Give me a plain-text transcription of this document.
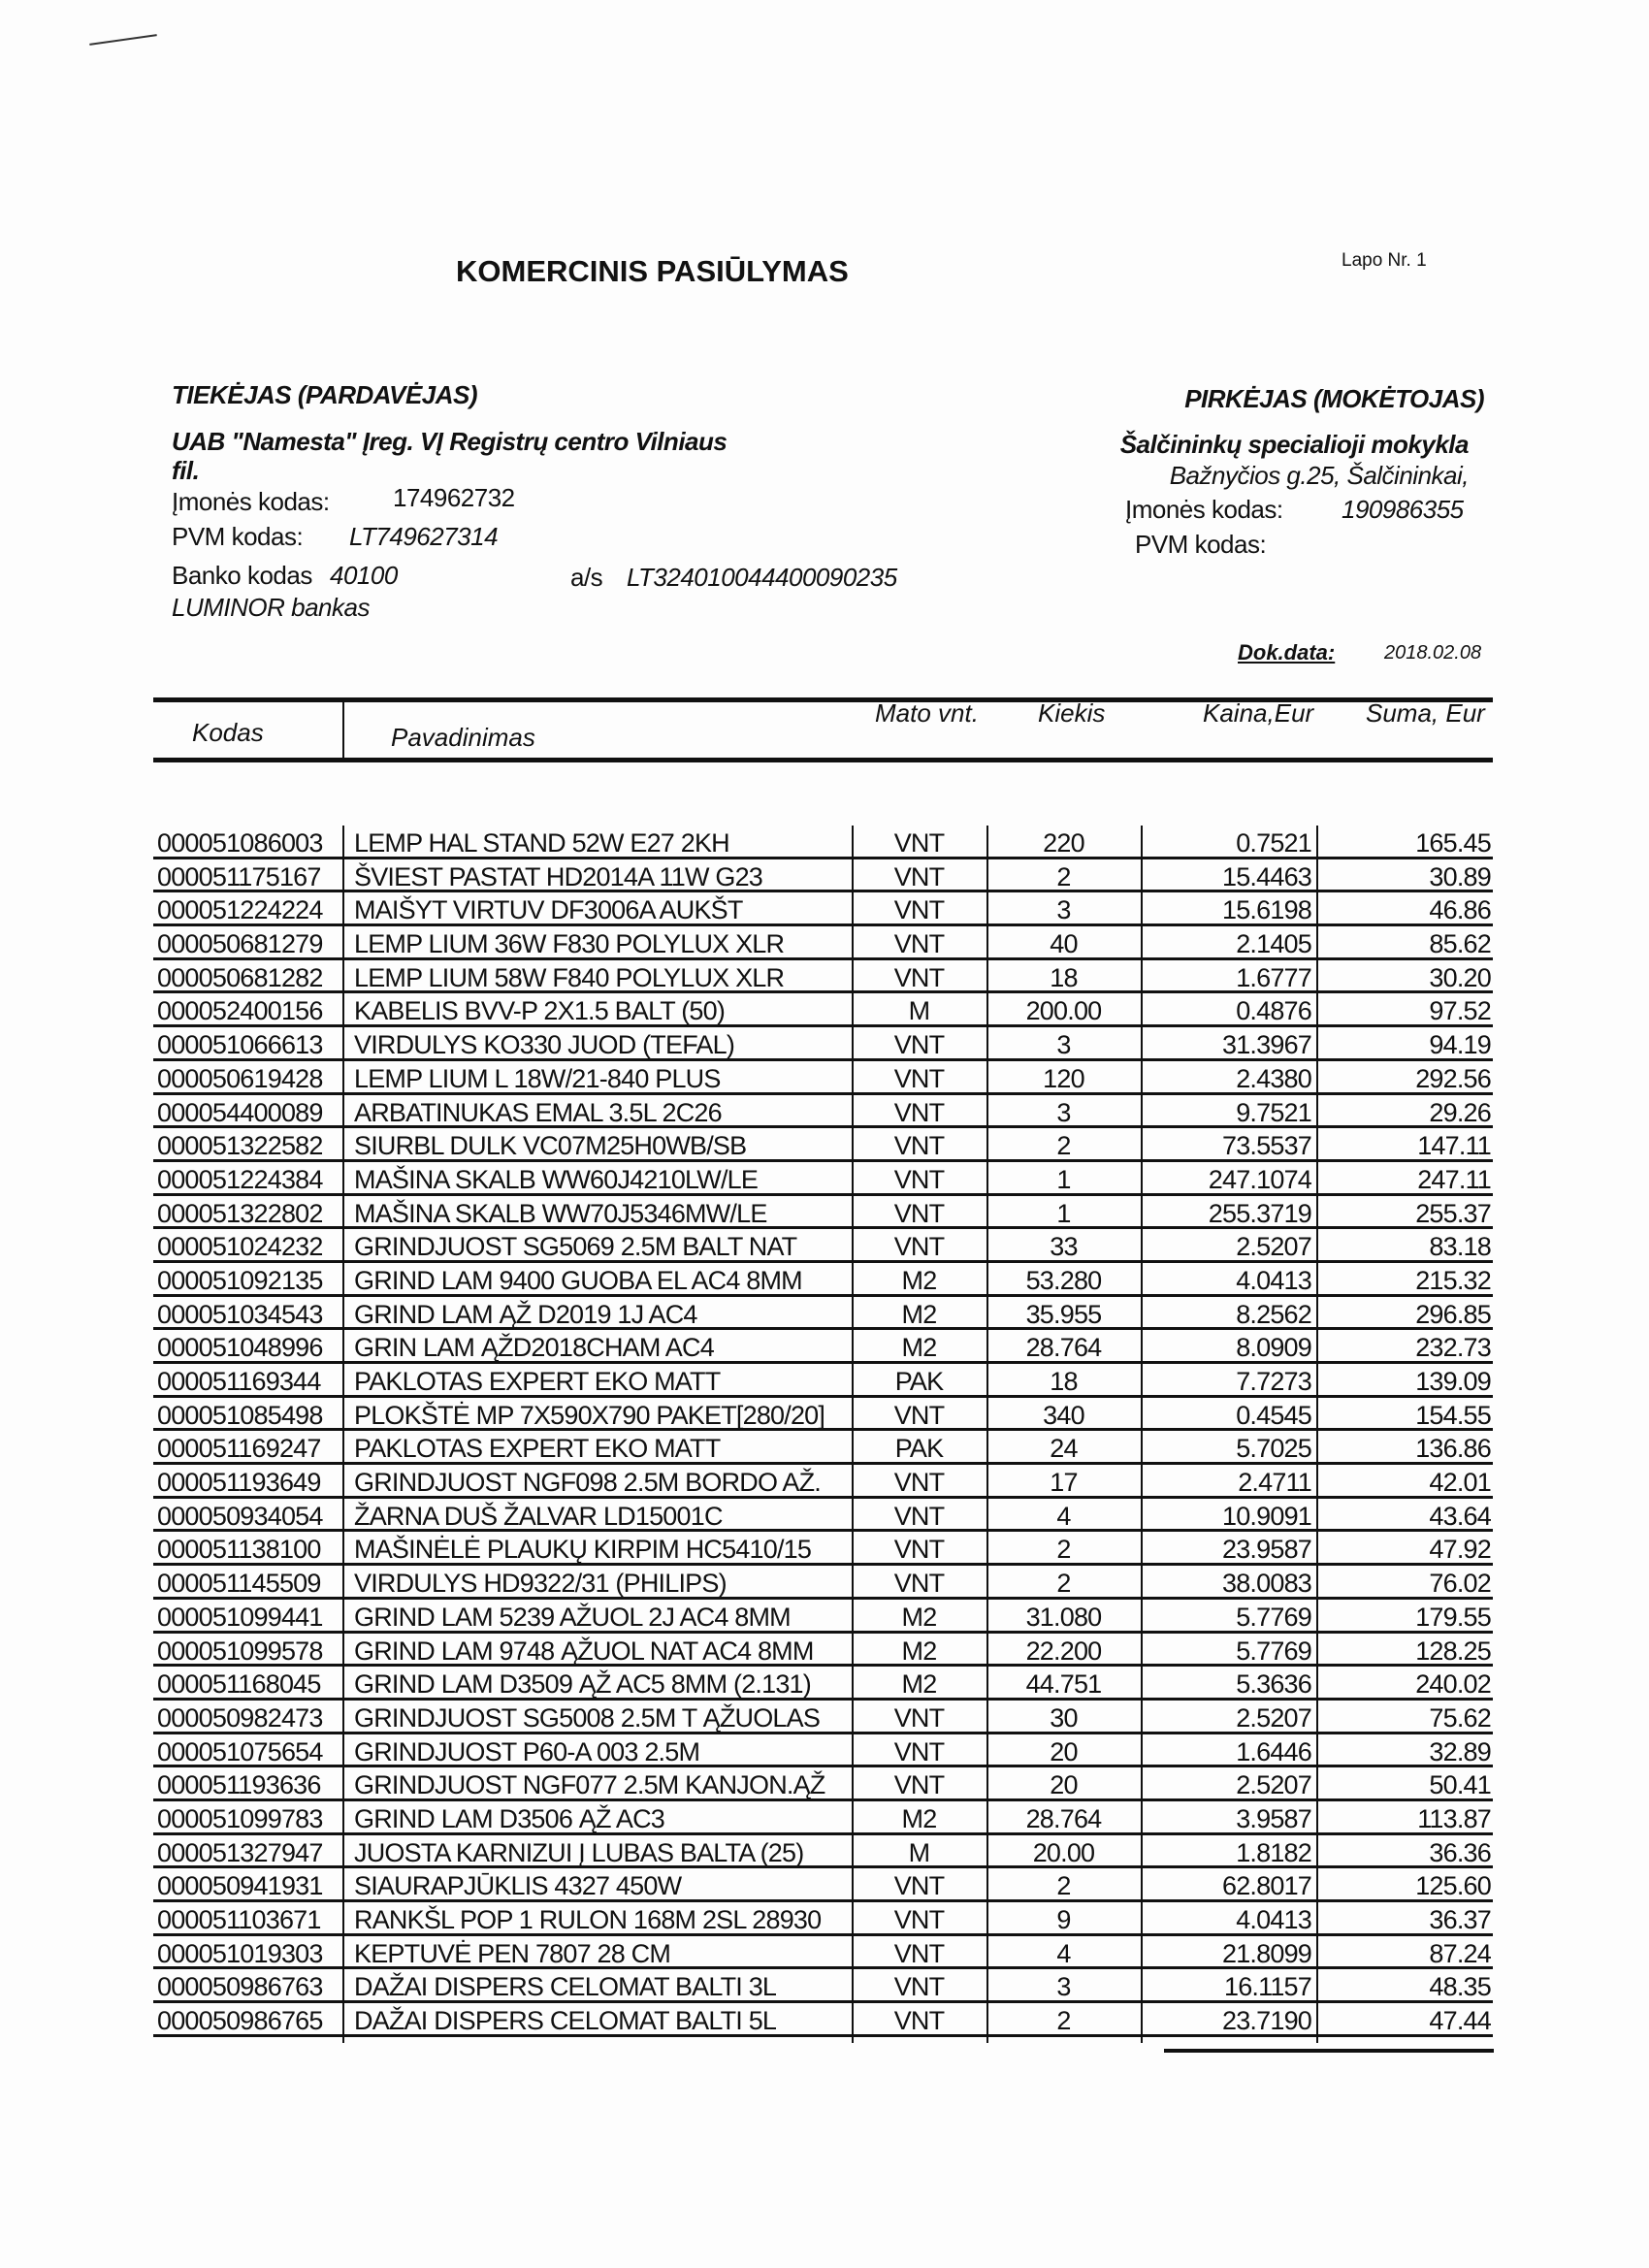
KOMERCINIS PASIŪLYMAS	Lapo Nr. 1
TIEKĖJAS (PARDAVĖJAS)
UAB "Namesta" Įreg. VĮ Registrų centro Vilniaus
fil.
Įmonės kodas:	174962732
PVM kodas: LT749627314
Banko kodas 40100	a/s LT324010044400090235
LUMINOR bankas
PIRKĖJAS (MOKĖTOJAS)
Šalčininkų specialioji mokykla
Bažnyčios g.25, Šalčininkai,
Įmonės kodas: 190986355
PVM kodas:
Dok.data:	2018.02.08
Kodas	Pavadinimas
Mato vnt. Kiekis	Kaina,Eur Suma, Eur
000051086003 LEMP HAL STAND 52W E27 2KH	VNT	220	0.7521	165.45
000051175167 ŠVIEST PASTAT HD2014A 11W G23	VNT	2	15.4463	30.89
000051224224 MAIŠYT VIRTUV DF3006A AUKŠT	VNT	3	15.6198	46.86
000050681279 LEMP LIUM 36W F830 POLYLUX XLR	VNT	40	2.1405	85.62
000050681282 LEMP LIUM 58W F840 POLYLUX XLR	VNT	18	1.6777	30.20
000052400156 KABELIS BVV-P 2X1.5 BALT (50)	M	200.00	0.4876	97.52
000051066613 VIRDULYS KO330 JUOD (TEFAL)	VNT	3	31.3967	94.19
000050619428 LEMP LIUM L 18W/21-840 PLUS	VNT	120	2.4380	292.56
000054400089 ARBATINUKAS EMAL 3.5L 2C26	VNT	3	9.7521	29.26
000051322582 SIURBL DULK VC07M25H0WB/SB	VNT	2	73.5537	147.11
000051224384 MAŠINA SKALB WW60J4210LW/LE	VNT	1	247.1074	247.11
000051322802 MAŠINA SKALB WW70J5346MW/LE	VNT	1	255.3719	255.37
000051024232 GRINDJUOST SG5069 2.5M BALT NAT	VNT	33	2.5207	83.18
000051092135 GRIND LAM 9400 GUOBA EL AC4 8MM	M2	53.280	4.0413	215.32
000051034543 GRIND LAM ĄŽ D2019 1J AC4	M2	35.955	8.2562	296.85
000051048996 GRIN LAM ĄŽD2018CHAM AC4	M2	28.764	8.0909	232.73
000051169344 PAKLOTAS EXPERT EKO MATT	PAK	18	7.7273	139.09
000051085498 PLOKŠTĖ MP 7X590X790 PAKET[280/20]	VNT	340	0.4545	154.55
000051169247 PAKLOTAS EXPERT EKO MATT	PAK	24	5.7025	136.86
000051193649 GRINDJUOST NGF098 2.5M BORDO AŽ.	VNT	17	2.4711	42.01
000050934054 ŽARNA DUŠ ŽALVAR LD15001C	VNT	4	10.9091	43.64
000051138100 MAŠINĖLĖ PLAUKŲ KIRPIM HC5410/15	VNT	2	23.9587	47.92
000051145509 VIRDULYS HD9322/31 (PHILIPS)	VNT	2	38.0083	76.02
000051099441 GRIND LAM 5239 AŽUOL 2J AC4 8MM	M2	31.080	5.7769	179.55
000051099578 GRIND LAM 9748 ĄŽUOL NAT AC4 8MM	M2	22.200	5.7769	128.25
000051168045 GRIND LAM D3509 ĄŽ AC5 8MM (2.131)	M2	44.751	5.3636	240.02
000050982473 GRINDJUOST SG5008 2.5M T ĄŽUOLAS	VNT	30	2.5207	75.62
000051075654 GRINDJUOST P60-A 003 2.5M	VNT	20	1.6446	32.89
000051193636 GRINDJUOST NGF077 2.5M KANJON.ĄŽ	VNT	20	2.5207	50.41
000051099783 GRIND LAM D3506 ĄŽ AC3	M2	28.764	3.9587	113.87
000051327947 JUOSTA KARNIZUI Į LUBAS BALTA (25)	M	20.00	1.8182	36.36
000050941931 SIAURAPJŪKLIS 4327 450W	VNT	2	62.8017	125.60
000051103671 RANKŠL POP 1 RULON 168M 2SL 28930	VNT	9	4.0413	36.37
000051019303 KEPTUVĖ PEN 7807 28 CM	VNT	4	21.8099	87.24
000050986763 DAŽAI DISPERS CELOMAT BALTI 3L	VNT	3	16.1157	48.35
000050986765 DAŽAI DISPERS CELOMAT BALTI 5L	VNT	2	23.7190	47.44
